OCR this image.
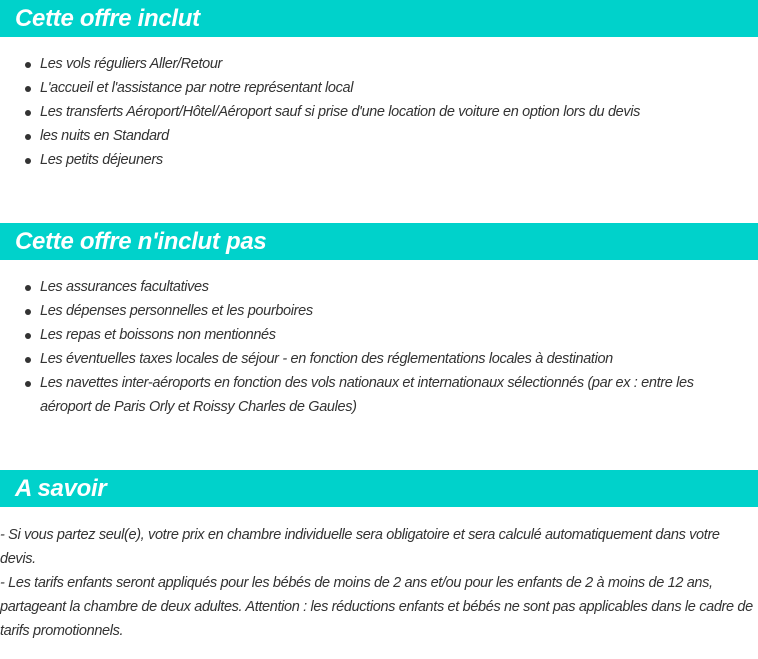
Cette offre inclut
Les vols réguliers Aller/Retour
L'accueil et l'assistance par notre représentant local
Les transferts Aéroport/Hôtel/Aéroport sauf si prise d'une location de voiture en option lors du devis
les nuits en Standard
Les petits déjeuners
Cette offre n'inclut pas
Les assurances facultatives
Les dépenses personnelles et les pourboires
Les repas et boissons non mentionnés
Les éventuelles taxes locales de séjour - en fonction des réglementations locales à destination
Les navettes inter-aéroports en fonction des vols nationaux et internationaux sélectionnés (par ex : entre les aéroport de Paris Orly et Roissy Charles de Gaules)
A savoir

- Si vous partez seul(e), votre prix en chambre individuelle sera obligatoire et sera calculé automatiquement dans votre devis.

- Les tarifs enfants seront appliqués pour les bébés de moins de 2 ans et/ou pour les enfants de 2 à moins de 12 ans, partageant la chambre de deux adultes. Attention : les réductions enfants et bébés ne sont pas applicables dans le cadre de tarifs promotionnels.
